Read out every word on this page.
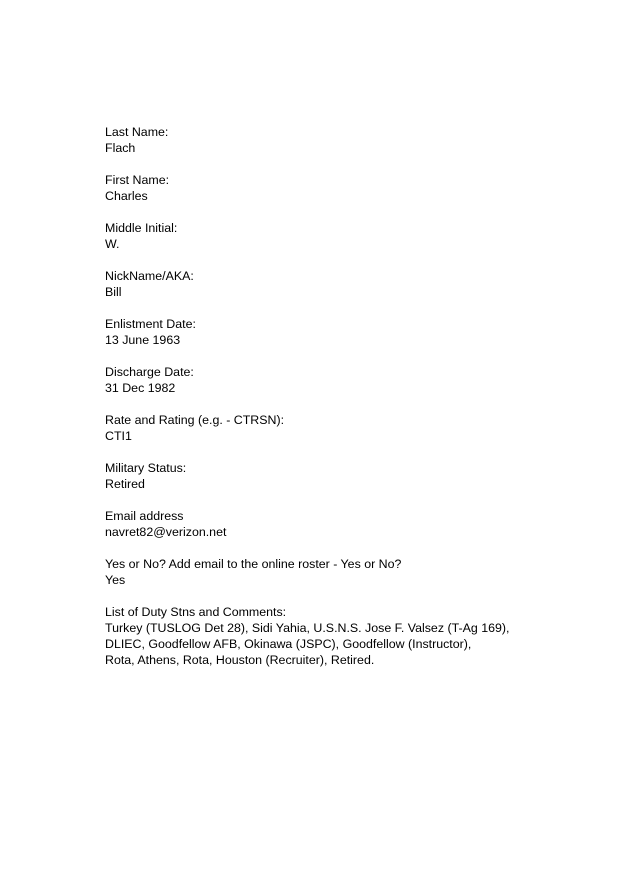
Last Name:
Flach
First Name:
Charles
Middle Initial:
W.
NickName/AKA:
Bill
Enlistment Date:
13 June 1963
Discharge Date:
31 Dec 1982
Rate and Rating (e.g. - CTRSN):
CTI1
Military Status:
Retired
Email address
navret82@verizon.net
Yes or No? Add email to the online roster - Yes or No?
Yes
List of Duty Stns and Comments:
Turkey (TUSLOG Det 28), Sidi Yahia, U.S.N.S. Jose F. Valsez (T-Ag 169),
DLIEC, Goodfellow AFB, Okinawa (JSPC), Goodfellow (Instructor),
Rota, Athens, Rota, Houston (Recruiter), Retired.
